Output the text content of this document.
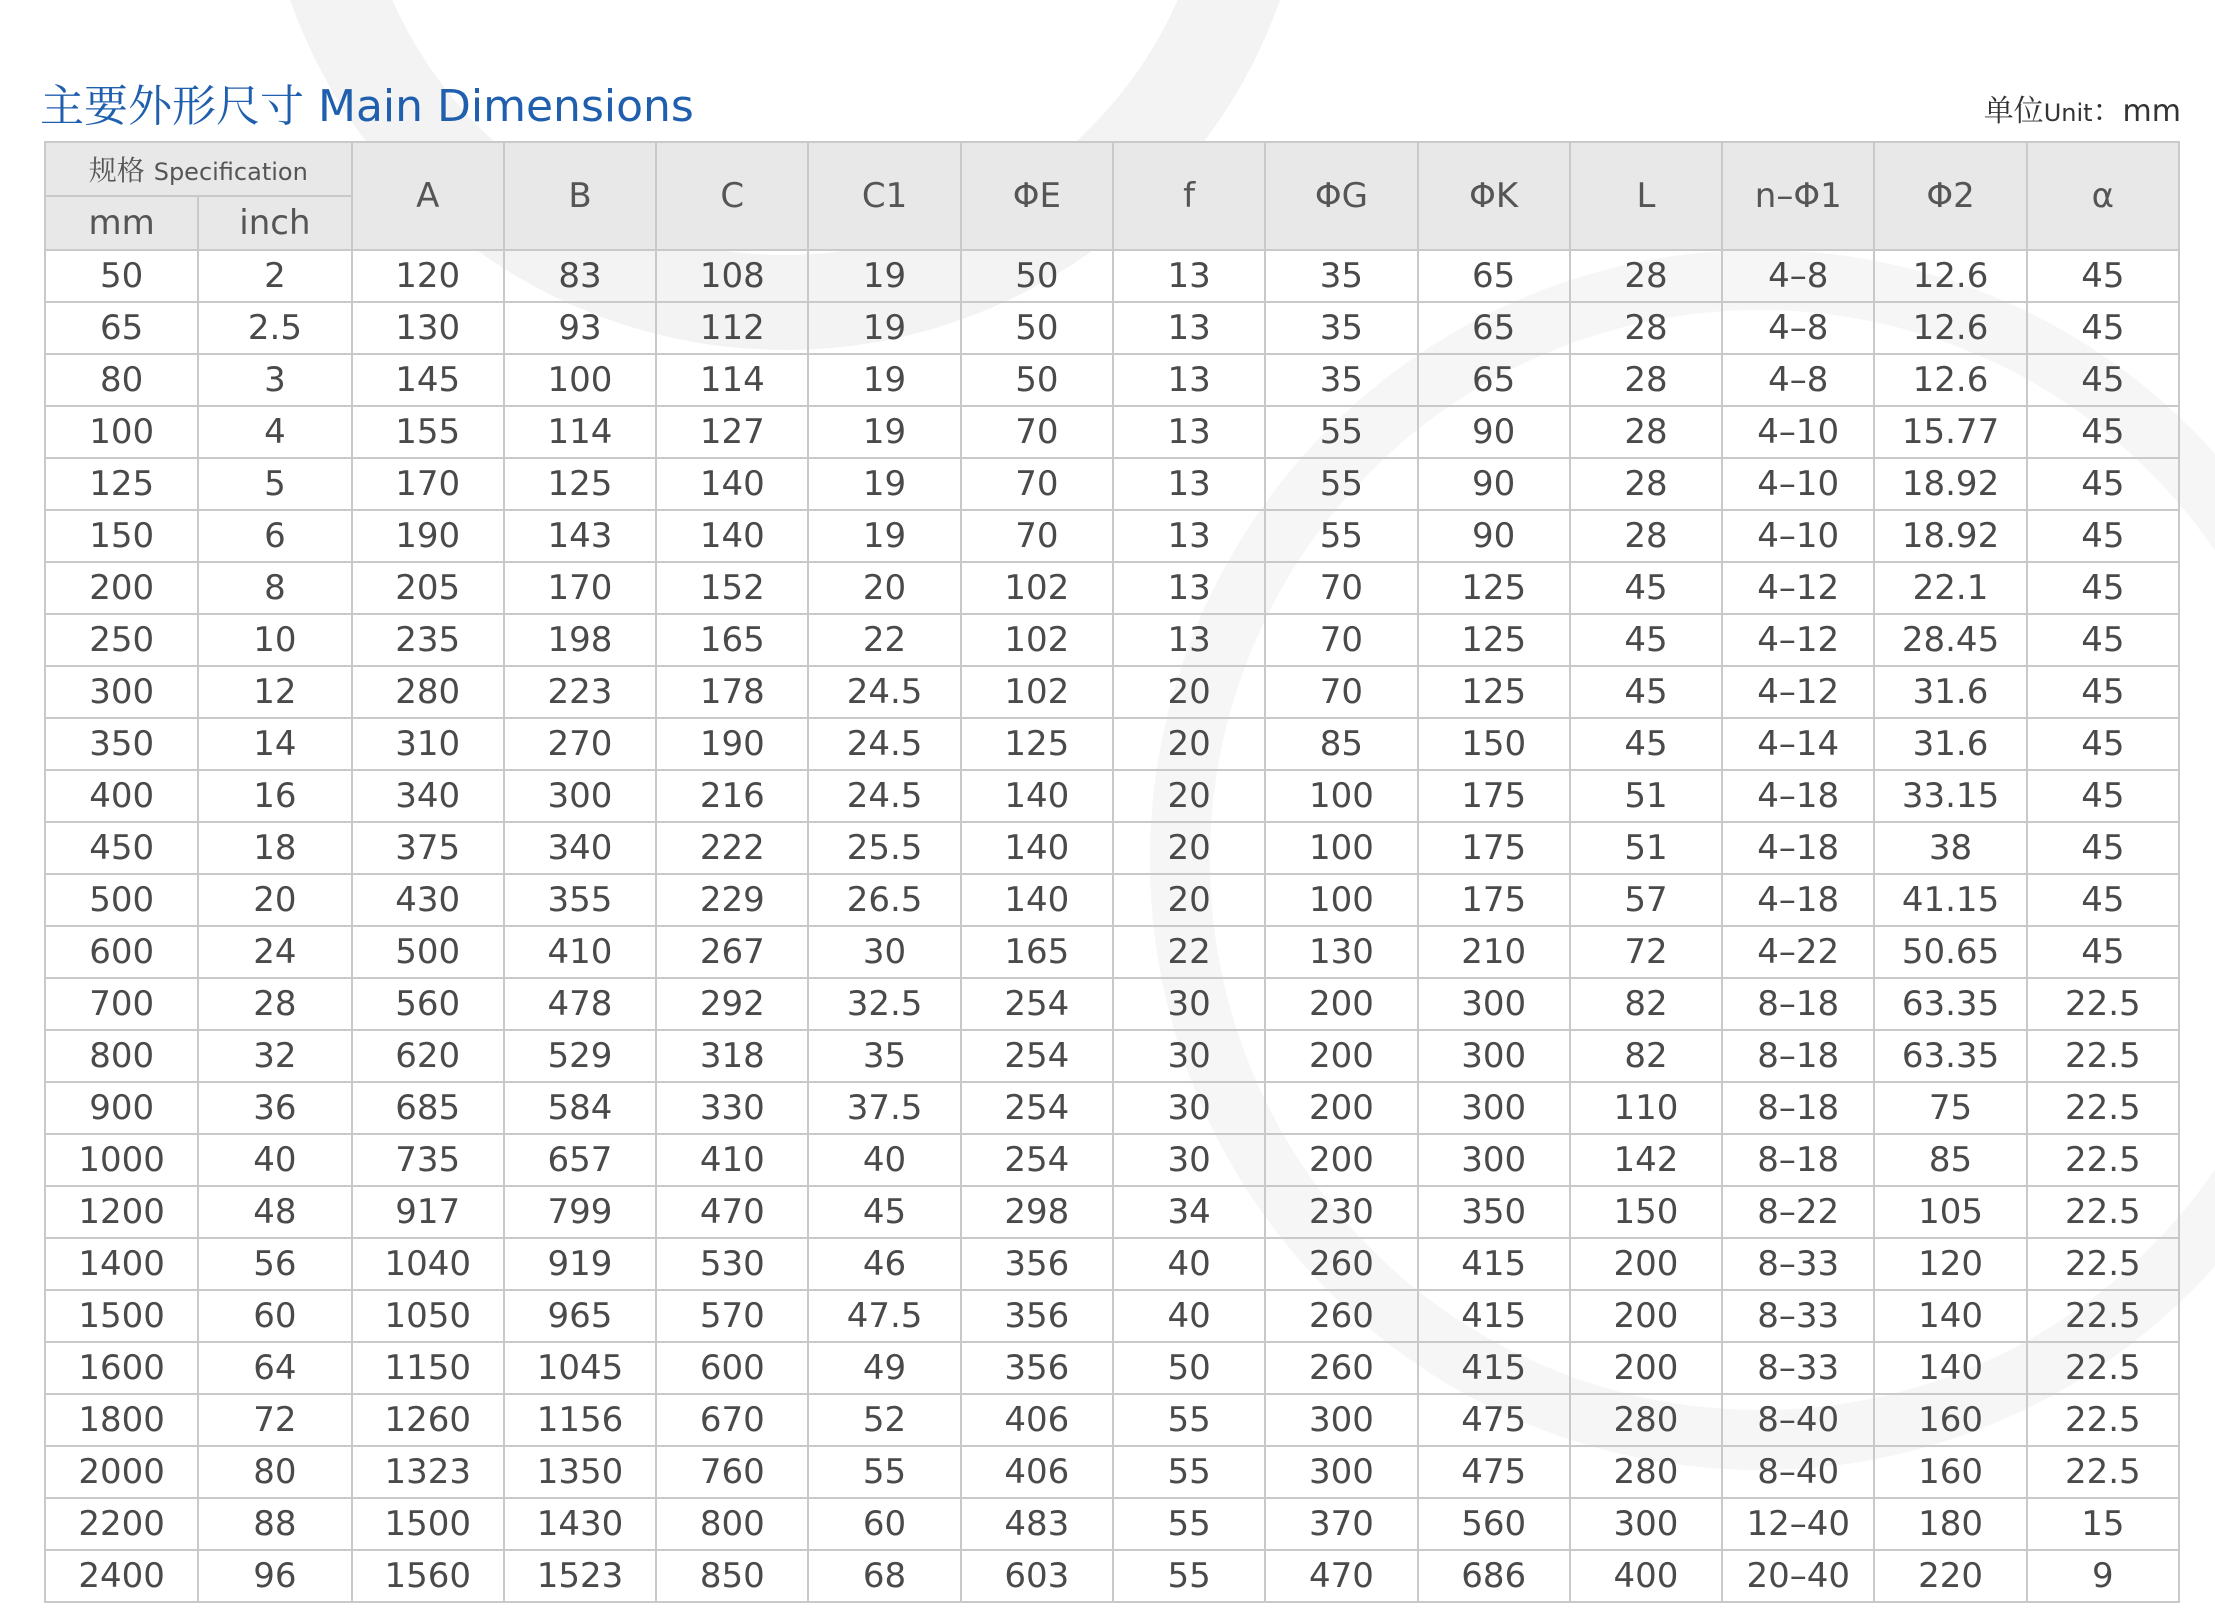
主要外形尺寸 Main Dimensions	单位Unit：mm
规格 Specification		A	B	C	C1	ΦE	f	ΦG	ΦK	L	n–Φ1	Φ2	α
mm	inch												
50	2	120	83	108	19	50	13	35	65	28	4–8	12.6	45
65	2.5	130	93	112	19	50	13	35	65	28	4–8	12.6	45
80	3	145	100	114	19	50	13	35	65	28	4–8	12.6	45
100	4	155	114	127	19	70	13	55	90	28	4–10	15.77	45
125	5	170	125	140	19	70	13	55	90	28	4–10	18.92	45
150	6	190	143	140	19	70	13	55	90	28	4–10	18.92	45
200	8	205	170	152	20	102	13	70	125	45	4–12	22.1	45
250	10	235	198	165	22	102	13	70	125	45	4–12	28.45	45
300	12	280	223	178	24.5	102	20	70	125	45	4–12	31.6	45
350	14	310	270	190	24.5	125	20	85	150	45	4–14	31.6	45
400	16	340	300	216	24.5	140	20	100	175	51	4–18	33.15	45
450	18	375	340	222	25.5	140	20	100	175	51	4–18	38	45
500	20	430	355	229	26.5	140	20	100	175	57	4–18	41.15	45
600	24	500	410	267	30	165	22	130	210	72	4–22	50.65	45
700	28	560	478	292	32.5	254	30	200	300	82	8–18	63.35	22.5
800	32	620	529	318	35	254	30	200	300	82	8–18	63.35	22.5
900	36	685	584	330	37.5	254	30	200	300	110	8–18	75	22.5
1000	40	735	657	410	40	254	30	200	300	142	8–18	85	22.5
1200	48	917	799	470	45	298	34	230	350	150	8–22	105	22.5
1400	56	1040	919	530	46	356	40	260	415	200	8–33	120	22.5
1500	60	1050	965	570	47.5	356	40	260	415	200	8–33	140	22.5
1600	64	1150	1045	600	49	356	50	260	415	200	8–33	140	22.5
1800	72	1260	1156	670	52	406	55	300	475	280	8–40	160	22.5
2000	80	1323	1350	760	55	406	55	300	475	280	8–40	160	22.5
2200	88	1500	1430	800	60	483	55	370	560	300	12–40	180	15
2400	96	1560	1523	850	68	603	55	470	686	400	20–40	220	9
